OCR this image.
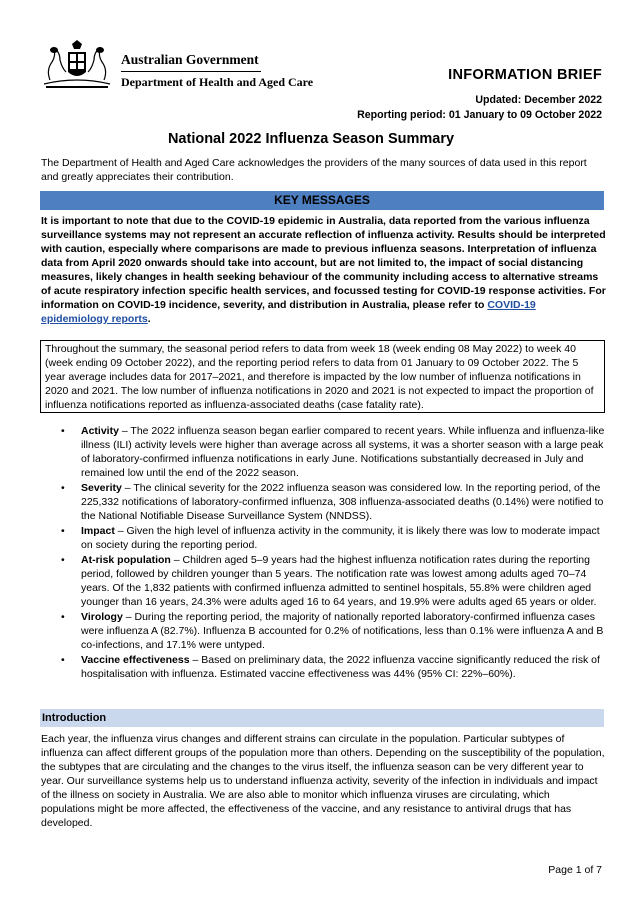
Australian Government
Department of Health and Aged Care	INFORMATION BRIEF
Updated: December 2022
Reporting period: 01 January to 09 October 2022
National 2022 Influenza Season Summary
The Department of Health and Aged Care acknowledges the providers of the many sources of data used in this report and greatly appreciates their contribution.
KEY MESSAGES
It is important to note that due to the COVID-19 epidemic in Australia, data reported from the various influenza surveillance systems may not represent an accurate reflection of influenza activity. Results should be interpreted with caution, especially where comparisons are made to previous influenza seasons. Interpretation of influenza data from April 2020 onwards should take into account, but are not limited to, the impact of social distancing measures, likely changes in health seeking behaviour of the community including access to alternative streams of acute respiratory infection specific health services, and focussed testing for COVID-19 response activities. For information on COVID-19 incidence, severity, and distribution in Australia, please refer to COVID-19 epidemiology reports.
Throughout the summary, the seasonal period refers to data from week 18 (week ending 08 May 2022) to week 40 (week ending 09 October 2022), and the reporting period refers to data from 01 January to 09 October 2022. The 5 year average includes data for 2017–2021, and therefore is impacted by the low number of influenza notifications in 2020 and 2021. The low number of influenza notifications in 2020 and 2021 is not expected to impact the proportion of influenza notifications reported as influenza-associated deaths (case fatality rate).
• Activity – The 2022 influenza season began earlier compared to recent years. While influenza and influenza-like illness (ILI) activity levels were higher than average across all systems, it was a shorter season with a large peak of laboratory-confirmed influenza notifications in early June. Notifications substantially decreased in July and remained low until the end of the 2022 season.
• Severity – The clinical severity for the 2022 influenza season was considered low. In the reporting period, of the 225,332 notifications of laboratory-confirmed influenza, 308 influenza-associated deaths (0.14%) were notified to the National Notifiable Disease Surveillance System (NNDSS).
• Impact – Given the high level of influenza activity in the community, it is likely there was low to moderate impact on society during the reporting period.
• At-risk population – Children aged 5–9 years had the highest influenza notification rates during the reporting period, followed by children younger than 5 years. The notification rate was lowest among adults aged 70–74 years. Of the 1,832 patients with confirmed influenza admitted to sentinel hospitals, 55.8% were children aged younger than 16 years, 24.3% were adults aged 16 to 64 years, and 19.9% were adults aged 65 years or older.
• Virology – During the reporting period, the majority of nationally reported laboratory-confirmed influenza cases were influenza A (82.7%). Influenza B accounted for 0.2% of notifications, less than 0.1% were influenza A and B co-infections, and 17.1% were untyped.
• Vaccine effectiveness – Based on preliminary data, the 2022 influenza vaccine significantly reduced the risk of hospitalisation with influenza. Estimated vaccine effectiveness was 44% (95% CI: 22%–60%).
Introduction
Each year, the influenza virus changes and different strains can circulate in the population. Particular subtypes of influenza can affect different groups of the population more than others. Depending on the susceptibility of the population, the subtypes that are circulating and the changes to the virus itself, the influenza season can be very different year to year. Our surveillance systems help us to understand influenza activity, severity of the infection in individuals and impact of the illness on society in Australia. We are also able to monitor which influenza viruses are circulating, which populations might be more affected, the effectiveness of the vaccine, and any resistance to antiviral drugs that has developed.
Page 1 of 7
